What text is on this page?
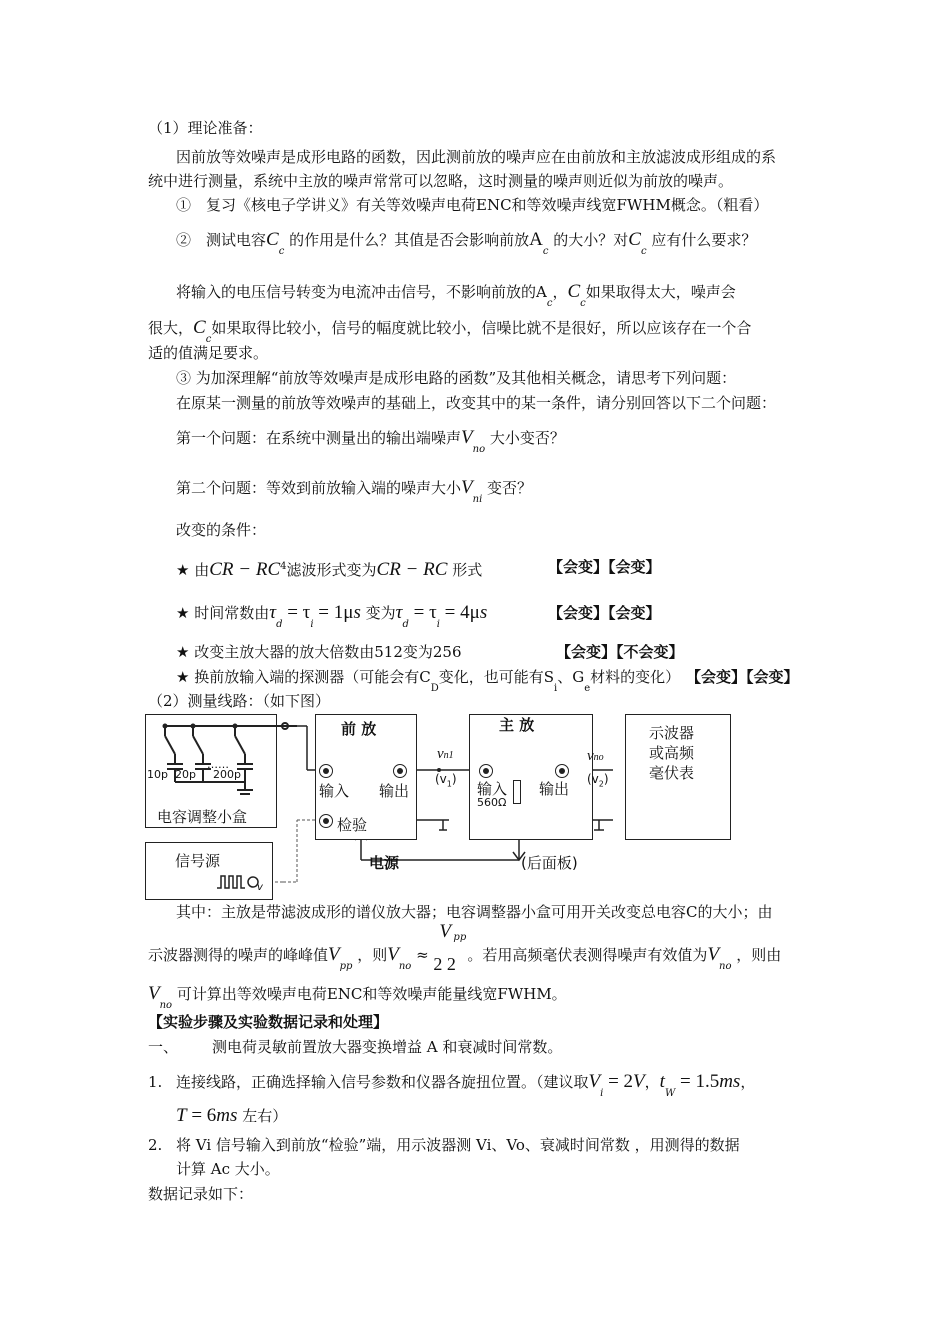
（1）理论准备：
因前放等效噪声是成形电路的函数，因此测前放的噪声应在由前放和主放滤波成形组成的系
统中进行测量，系统中主放的噪声常常可以忽略，这时测量的噪声则近似为前放的噪声。
①　复习《核电子学讲义》有关等效噪声电荷ENC和等效噪声线宽FWHM概念。（粗看）
②　测试电容$C_c$ 的作用是什么？其值是否会影响前放$A_c$ 的大小？对$C_c$ 应有什么要求？
将输入的电压信号转变为电流冲击信号，不影响前放的$A_c$，$C_c$如果取得太大，噪声会
很大，$C_c$如果取得比较小，信号的幅度就比较小，信噪比就不是很好，所以应该存在一个合
适的值满足要求。
③ 为加深理解“前放等效噪声是成形电路的函数”及其他相关概念，请思考下列问题：
在原某一测量的前放等效噪声的基础上，改变其中的某一条件，请分别回答以下二个问题：
第一个问题：在系统中测量出的输出端噪声$V_{no}$ 大小变否？
第二个问题：等效到前放输入端的噪声大小$V_{ni}$ 变否？
改变的条件：
★ 由CR − $RC^4$滤波形式变为CR − RC 形式	【会变】【会变】
★ 时间常数由$\tau_d = \tau_i = 1\mu s$ 变为$\tau_d = \tau_i = 4\mu s$	【会变】【会变】
★ 改变主放大器的放大倍数由512变为256	【会变】【不会变】
★ 换前放输入端的探测器（可能会有$C_D$变化，也可能有$S_i$、$G_e$材料的变化） 【会变】【会变】
（2）测量线路：（如下图）
10p 20p
……
200p
电容调整小盒
前 放
输入 输出
检验
vn1
$(v_1)$
主 放
输入
560Ω
输出
vno
$(v_2)$
示波器
或高频
毫伏表
信号源
v
电源	(后面板)
其中：主放是带滤波成形的谱仪放大器；电容调整器小盒可用开关改变总电容C的大小；由
示波器测得的噪声的峰峰值$V_{pp}$ ，则$V_{no}$ ≈
V pp
2 2 。若用高频毫伏表测得噪声有效值为$V_{no}$ ，则由
$V_{no}$ 可计算出等效噪声电荷ENC和等效噪声能量线宽FWHM。
【实验步骤及实验数据记录和处理】
一、 测电荷灵敏前置放大器变换增益 A 和衰减时间常数。
1. 连接线路，正确选择输入信号参数和仪器各旋扭位置。（建议取$V_i = 2V$，$t_W = 1.5ms$，
T = 6ms 左右）
2. 将 Vi 信号输入到前放“检验”端，用示波器测 Vi、Vo、衰减时间常数 ，用测得的数据
计算 Ac 大小。
数据记录如下：
